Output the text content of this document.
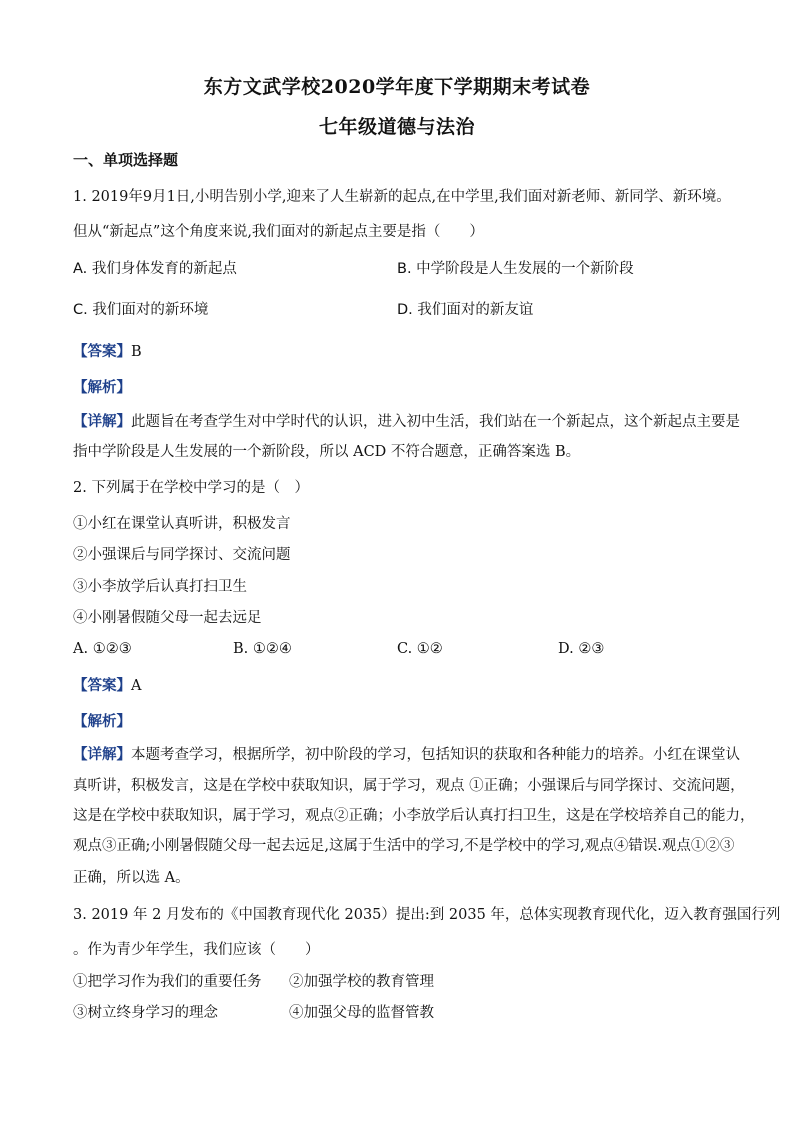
东方文武学校2020学年度下学期期末考试卷
七年级道德与法治
一、单项选择题
1. 2019年9月1日,小明告别小学,迎来了人生崭新的起点,在中学里,我们面对新老师、新同学、新环境。
但从“新起点”这个角度来说,我们面对的新起点主要是指（　　）
A. 我们身体发育的新起点	B. 中学阶段是人生发展的一个新阶段
C. 我们面对的新环境	D. 我们面对的新友谊
【答案】B
【解析】
【详解】此题旨在考查学生对中学时代的认识，进入初中生活，我们站在一个新起点，这个新起点主要是
指中学阶段是人生发展的一个新阶段，所以 ACD 不符合题意，正确答案选 B。
2. 下列属于在学校中学习的是（　）
①小红在课堂认真听讲，积极发言
②小强课后与同学探讨、交流问题
③小李放学后认真打扫卫生
④小刚暑假随父母一起去远足
A. ①②③	B. ①②④	C. ①②	D. ②③
【答案】A
【解析】
【详解】本题考查学习，根据所学，初中阶段的学习，包括知识的获取和各种能力的培养。小红在课堂认
真听讲，积极发言，这是在学校中获取知识，属于学习，观点 ①正确；小强课后与同学探讨、交流问题，
这是在学校中获取知识，属于学习，观点②正确；小李放学后认真打扫卫生，这是在学校培养自己的能力，
观点③正确;小刚暑假随父母一起去远足,这属于生活中的学习,不是学校中的学习,观点④错误.观点①②③
正确，所以选 A。
3. 2019 年 2 月发布的《中国教育现代化 2035）提出:到 2035 年，总体实现教育现代化，迈入教育强国行列
。作为青少年学生，我们应该（　　）
①把学习作为我们的重要任务 ②加强学校的教育管理
③树立终身学习的理念	④加强父母的监督管教
